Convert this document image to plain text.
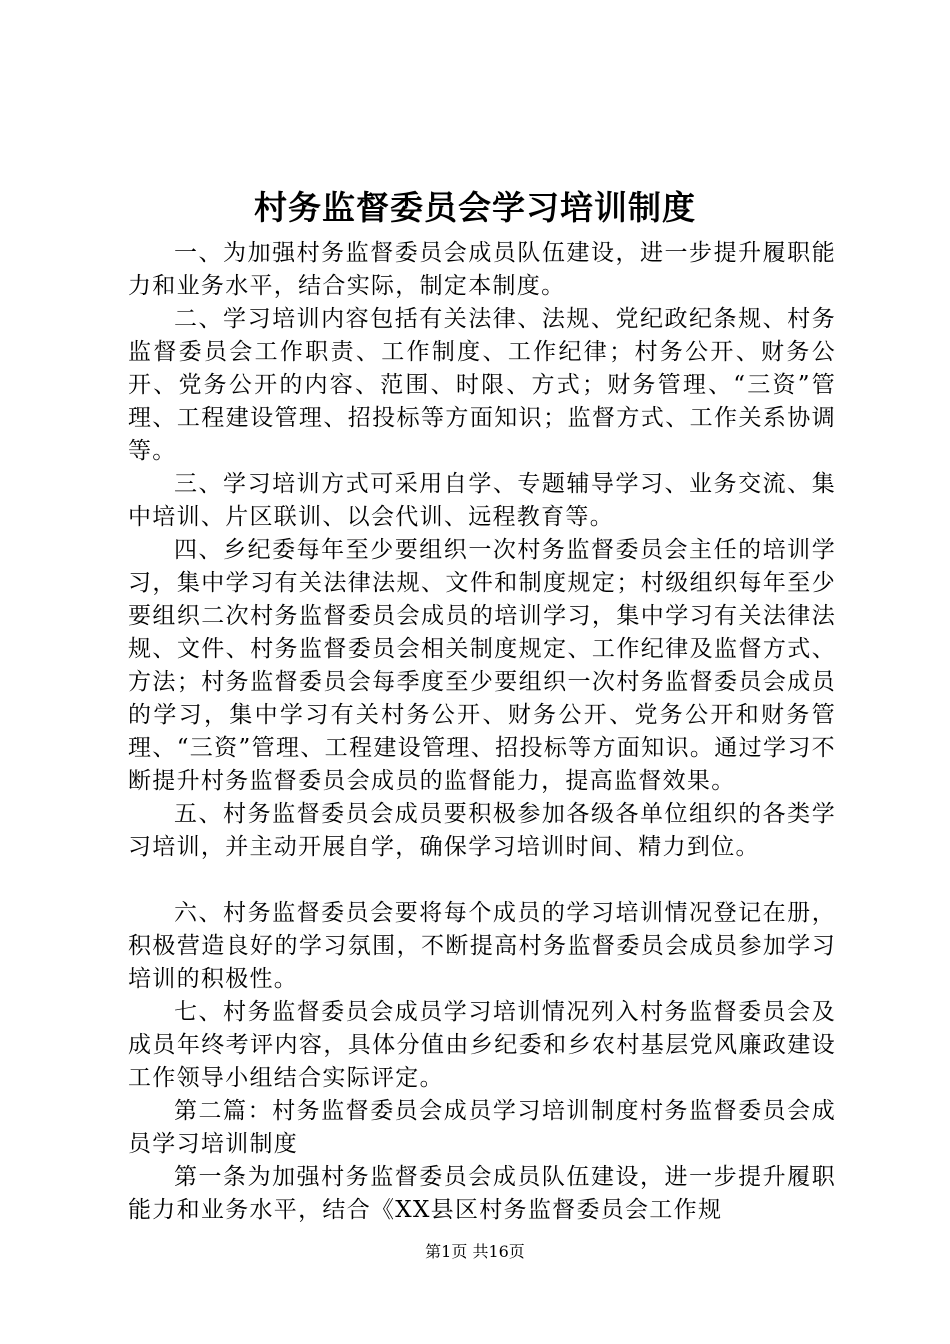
村务监督委员会学习培训制度

一、为加强村务监督委员会成员队伍建设，进一步提升履职能力和业务水平，结合实际，制定本制度。

二、学习培训内容包括有关法律、法规、党纪政纪条规、村务监督委员会工作职责、工作制度、工作纪律；村务公开、财务公开、党务公开的内容、范围、时限、方式；财务管理、“三资”管理、工程建设管理、招投标等方面知识；监督方式、工作关系协调等。

三、学习培训方式可采用自学、专题辅导学习、业务交流、集中培训、片区联训、以会代训、远程教育等。

四、乡纪委每年至少要组织一次村务监督委员会主任的培训学习，集中学习有关法律法规、文件和制度规定；村级组织每年至少要组织二次村务监督委员会成员的培训学习，集中学习有关法律法规、文件、村务监督委员会相关制度规定、工作纪律及监督方式、方法；村务监督委员会每季度至少要组织一次村务监督委员会成员的学习，集中学习有关村务公开、财务公开、党务公开和财务管理、“三资”管理、工程建设管理、招投标等方面知识。通过学习不断提升村务监督委员会成员的监督能力，提高监督效果。

五、村务监督委员会成员要积极参加各级各单位组织的各类学习培训，并主动开展自学，确保学习培训时间、精力到位。

六、村务监督委员会要将每个成员的学习培训情况登记在册，积极营造良好的学习氛围，不断提高村务监督委员会成员参加学习培训的积极性。

七、村务监督委员会成员学习培训情况列入村务监督委员会及成员年终考评内容，具体分值由乡纪委和乡农村基层党风廉政建设工作领导小组结合实际评定。

第二篇：村务监督委员会成员学习培训制度村务监督委员会成员学习培训制度

第一条为加强村务监督委员会成员队伍建设，进一步提升履职能力和业务水平，结合《XX县区村务监督委员会工作规

第1页 共16页
